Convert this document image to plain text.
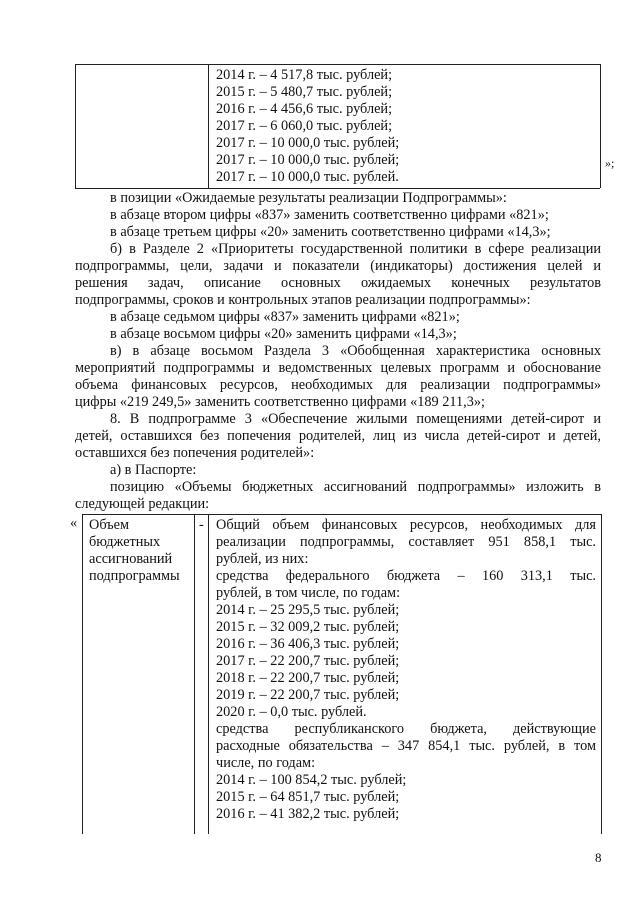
2014 г. – 4 517,8 тыс. рублей;
2015 г. – 5 480,7 тыс. рублей;
2016 г. – 4 456,6 тыс. рублей;
2017 г. – 6 060,0 тыс. рублей;
2017 г. – 10 000,0 тыс. рублей;
2017 г. – 10 000,0 тыс. рублей;
2017 г. – 10 000,0 тыс. рублей.
»;
в позиции «Ожидаемые результаты реализации Подпрограммы»:
в абзаце втором цифры «837» заменить соответственно цифрами «821»;
в абзаце третьем цифры «20» заменить соответственно цифрами «14,3»;
б) в Разделе 2 «Приоритеты государственной политики в сфере реализации
подпрограммы, цели, задачи и показатели (индикаторы) достижения целей и
решения задач, описание основных ожидаемых конечных результатов
подпрограммы, сроков и контрольных этапов реализации подпрограммы»:
в абзаце седьмом цифры «837» заменить цифрами «821»;
в абзаце восьмом цифры «20» заменить цифрами «14,3»;
в) в абзаце восьмом Раздела 3 «Обобщенная характеристика основных
мероприятий подпрограммы и ведомственных целевых программ и обоснование
объема финансовых ресурсов, необходимых для реализации подпрограммы»
цифры «219 249,5» заменить соответственно цифрами «189 211,3»;
8. В подпрограмме 3 «Обеспечение жилыми помещениями детей-сирот и
детей, оставшихся без попечения родителей, лиц из числа детей-сирот и детей,
оставшихся без попечения родителей»:
а) в Паспорте:
позицию «Объемы бюджетных ассигнований подпрограммы» изложить в
следующей редакции:
« Объем
бюджетных
ассигнований
подпрограммы
- Общий объем финансовых ресурсов, необходимых для
реализации подпрограммы, составляет 951 858,1 тыс.
рублей, из них:
средства федерального бюджета – 160 313,1 тыс.
рублей, в том числе, по годам:
2014 г. – 25 295,5 тыс. рублей;
2015 г. – 32 009,2 тыс. рублей;
2016 г. – 36 406,3 тыс. рублей;
2017 г. – 22 200,7 тыс. рублей;
2018 г. – 22 200,7 тыс. рублей;
2019 г. – 22 200,7 тыс. рублей;
2020 г. – 0,0 тыс. рублей.
средства республиканского бюджета, действующие
расходные обязательства – 347 854,1 тыс. рублей, в том
числе, по годам:
2014 г. – 100 854,2 тыс. рублей;
2015 г. – 64 851,7 тыс. рублей;
2016 г. – 41 382,2 тыс. рублей;
8
